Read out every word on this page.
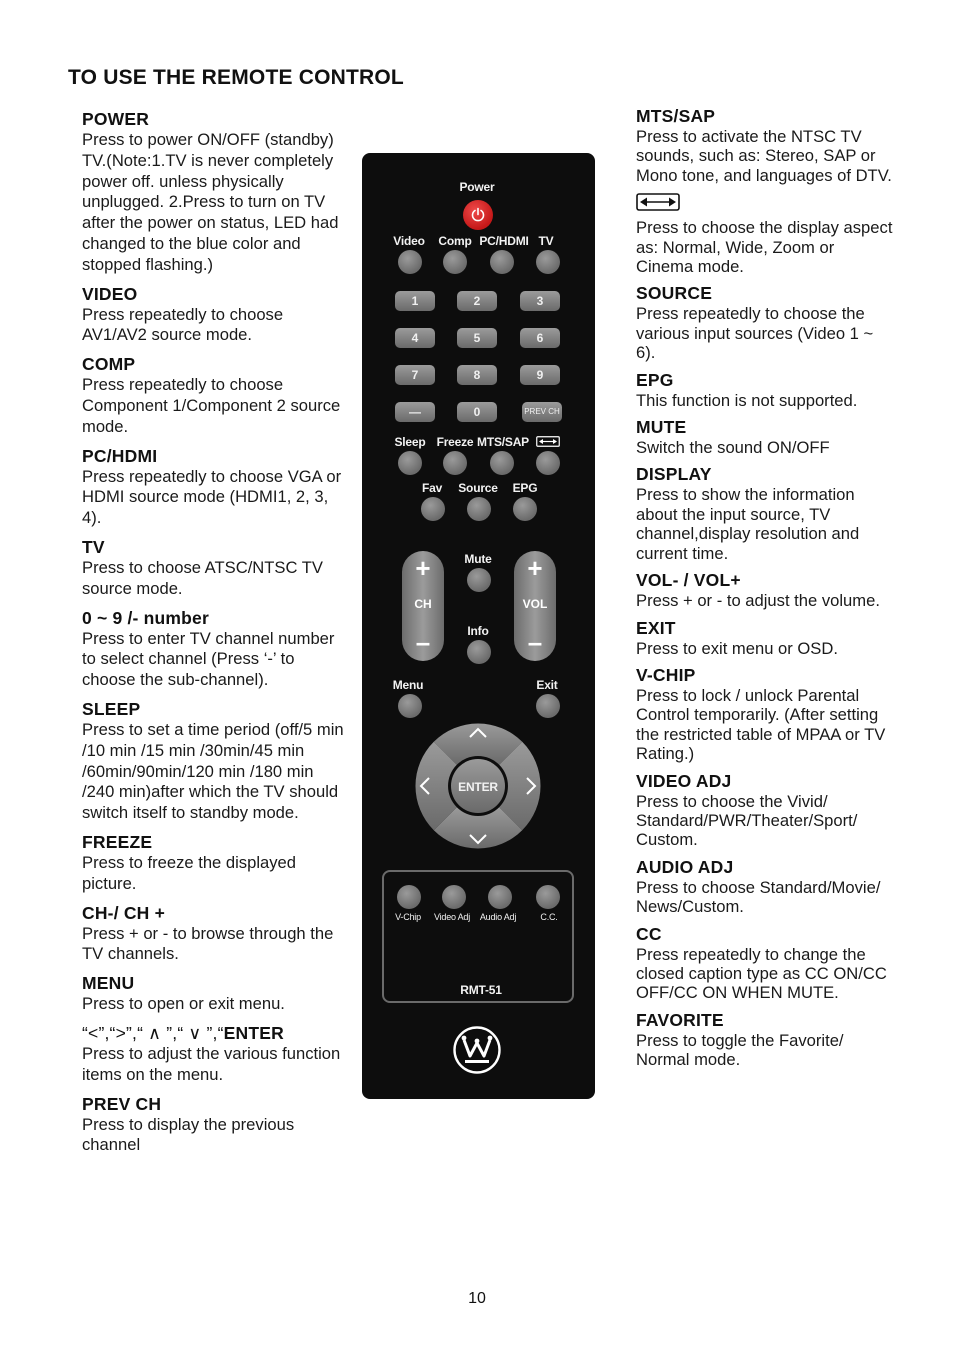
TO USE THE REMOTE CONTROL
POWER
Press to power ON/OFF (standby) TV.(Note:1.TV is never completely power off. unless physically unplugged. 2.Press to turn on TV after the power on status, LED had changed to the blue color and stopped flashing.)
VIDEO
Press repeatedly to choose AV1/AV2 source mode.
COMP
Press repeatedly to choose Component 1/Component 2 source mode.
PC/HDMI
Press repeatedly to choose VGA or HDMI source mode (HDMI1, 2, 3, 4).
TV
Press to choose ATSC/NTSC TV source mode.
0 ~ 9 /- number
Press to enter TV channel number to select channel (Press ‘-’ to choose the sub-channel).
SLEEP
Press to set a time period (off/5 min /10 min /15 min /30min/45 min /60min/90min/120 min /180 min /240 min)after which the TV should switch itself to standby mode.
FREEZE
Press to freeze the displayed picture.
CH-/ CH +
Press + or - to browse through the TV channels.
MENU
Press to open or exit menu.
“<”,“>”,“ ∧ ”,“ ∨ ”,“ENTER
Press to adjust the various function items on the menu.
PREV CH
Press to display the previous channel
MTS/SAP
Press to activate the NTSC TV sounds, such as: Stereo, SAP or Mono tone, and languages of DTV.
Press to choose the display aspect as: Normal, Wide, Zoom or Cinema mode.
SOURCE
Press repeatedly to choose the various input sources (Video 1 ~ 6).
EPG
This function is not supported.
MUTE
Switch the sound ON/OFF
DISPLAY
Press to show the information about the input source, TV channel,display resolution and current time.
VOL- / VOL+
Press + or - to adjust the volume.
EXIT
Press to exit menu or OSD.
V-CHIP
Press to lock / unlock Parental Control temporarily. (After setting the restricted table of MPAA or TV Rating.)
VIDEO ADJ
Press to choose the Vivid/ Standard/PWR/Theater/Sport/ Custom.
AUDIO ADJ
Press to choose Standard/Movie/ News/Custom.
CC
Press repeatedly to change the closed caption type as CC ON/CC OFF/CC ON WHEN MUTE.
FAVORITE
Press to toggle the Favorite/ Normal mode.
Power
Video Comp PC/HDMI TV
1	2	3
4	5	6
7	8	9
—	0	PREV CH
Sleep Freeze MTS/SAP
Fav Source EPG
+
CH
–
+
VOL
–
Mute
Info
Menu	Exit
ENTER
V-Chip Video Adj Audio Adj	C.C.
RMT-51
10
